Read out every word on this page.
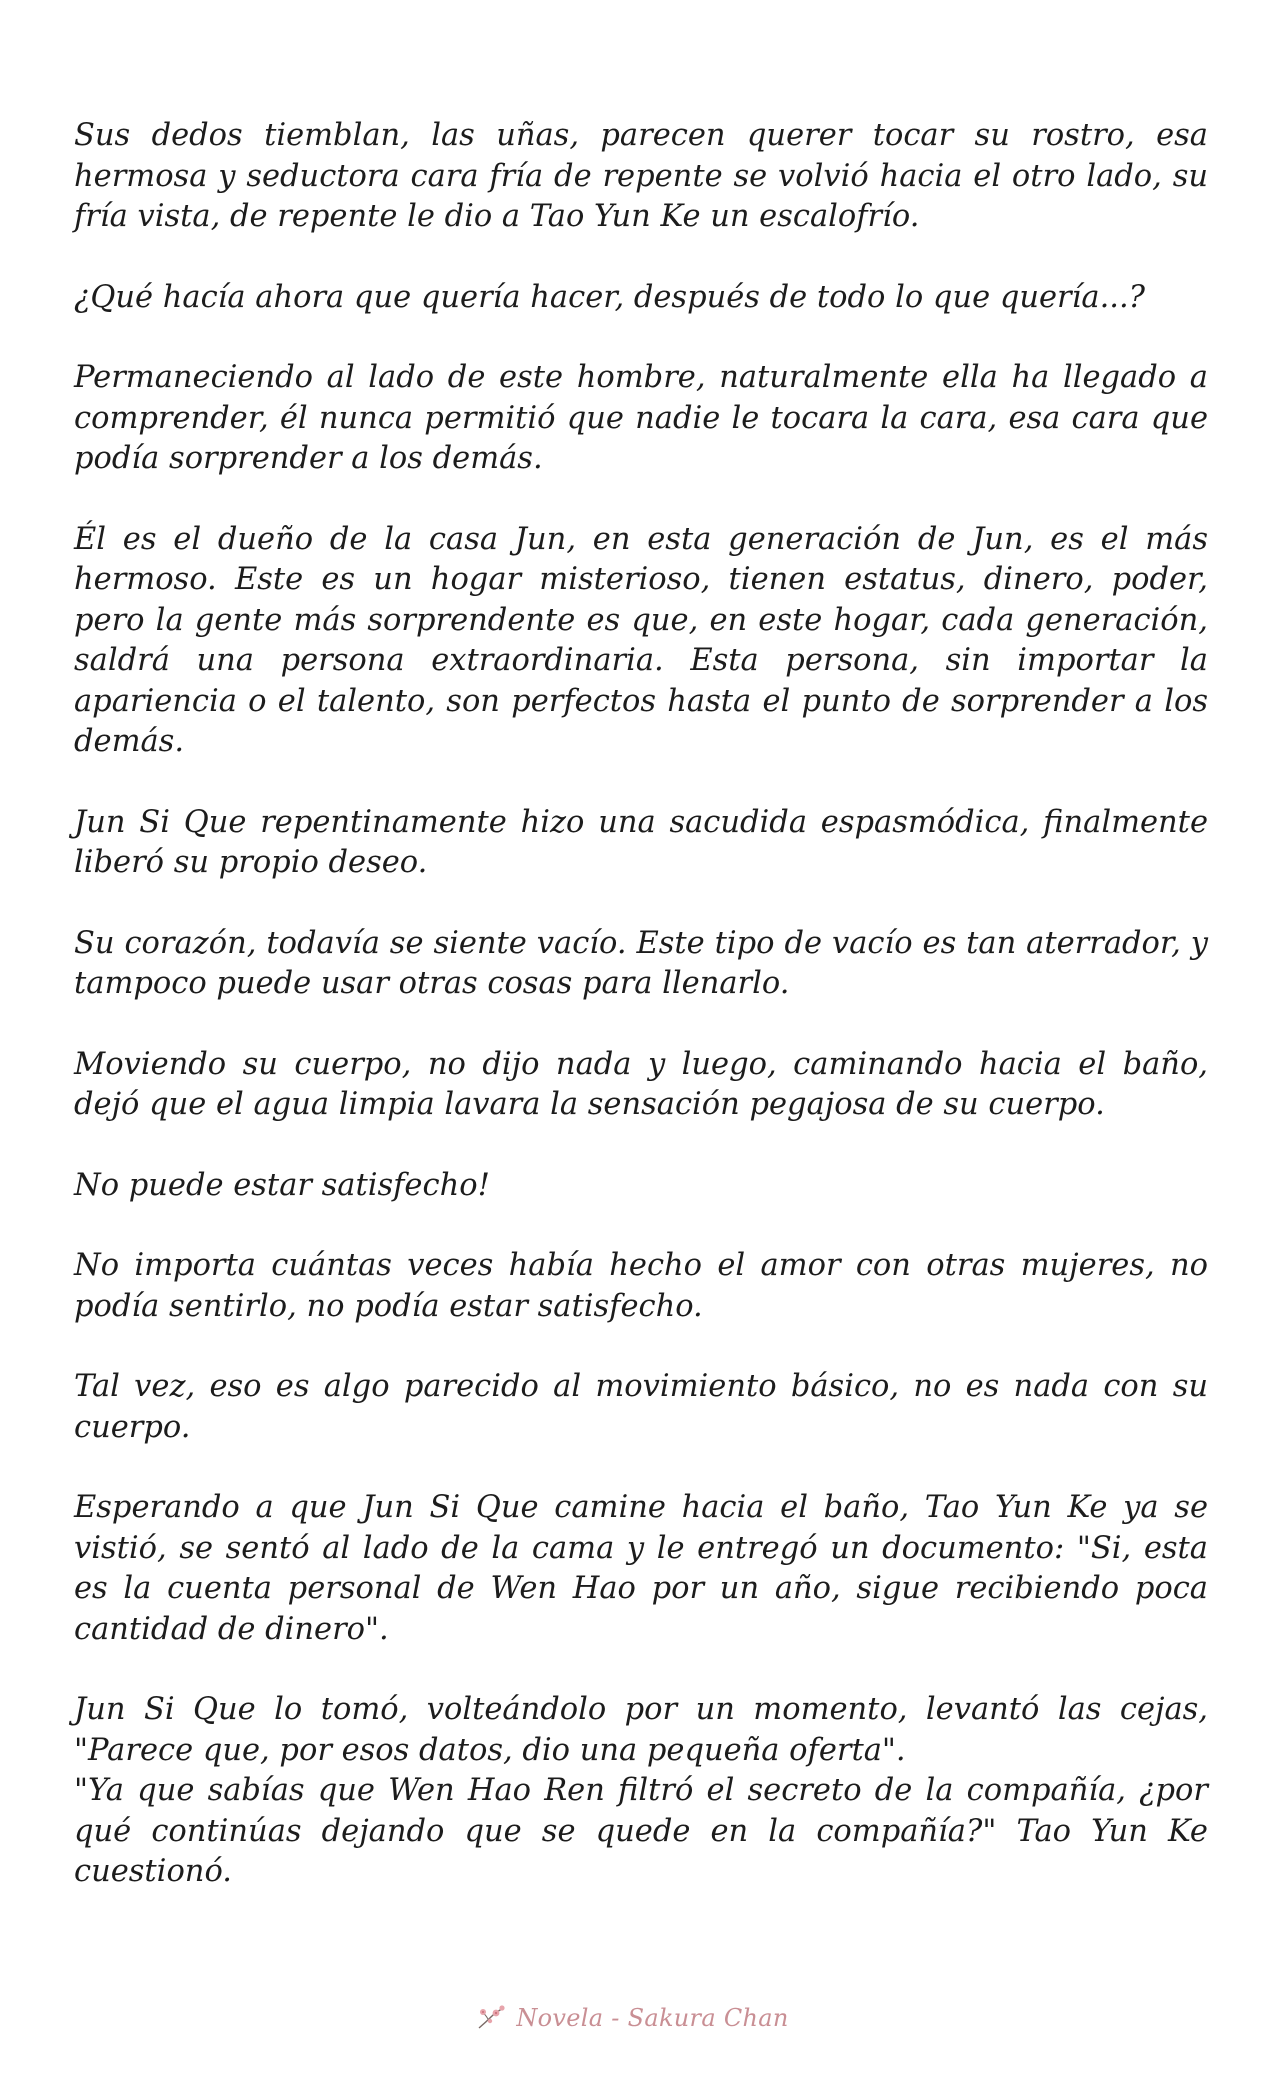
Sus dedos tiemblan, las uñas, parecen querer tocar su rostro, esa hermosa y seductora cara fría de repente se volvió hacia el otro lado, su fría vista, de repente le dio a Tao Yun Ke un escalofrío.

¿Qué hacía ahora que quería hacer, después de todo lo que quería...?

Permaneciendo al lado de este hombre, naturalmente ella ha llegado a comprender, él nunca permitió que nadie le tocara la cara, esa cara que podía sorprender a los demás.

Él es el dueño de la casa Jun, en esta generación de Jun, es el más hermoso. Este es un hogar misterioso, tienen estatus, dinero, poder, pero la gente más sorprendente es que, en este hogar, cada generación, saldrá una persona extraordinaria. Esta persona, sin importar la apariencia o el talento, son perfectos hasta el punto de sorprender a los demás.

Jun Si Que repentinamente hizo una sacudida espasmódica, finalmente liberó su propio deseo.

Su corazón, todavía se siente vacío. Este tipo de vacío es tan aterrador, y tampoco puede usar otras cosas para llenarlo.

Moviendo su cuerpo, no dijo nada y luego, caminando hacia el baño, dejó que el agua limpia lavara la sensación pegajosa de su cuerpo.

No puede estar satisfecho!

No importa cuántas veces había hecho el amor con otras mujeres, no podía sentirlo, no podía estar satisfecho.

Tal vez, eso es algo parecido al movimiento básico, no es nada con su cuerpo.

Esperando a que Jun Si Que camine hacia el baño, Tao Yun Ke ya se vistió, se sentó al lado de la cama y le entregó un documento: "Si, esta es la cuenta personal de Wen Hao por un año, sigue recibiendo poca cantidad de dinero".

Jun Si Que lo tomó, volteándolo por un momento, levantó las cejas, "Parece que, por esos datos, dio una pequeña oferta".

"Ya que sabías que Wen Hao Ren filtró el secreto de la compañía, ¿por qué continúas dejando que se quede en la compañía?" Tao Yun Ke cuestionó.

Novela - Sakura Chan
